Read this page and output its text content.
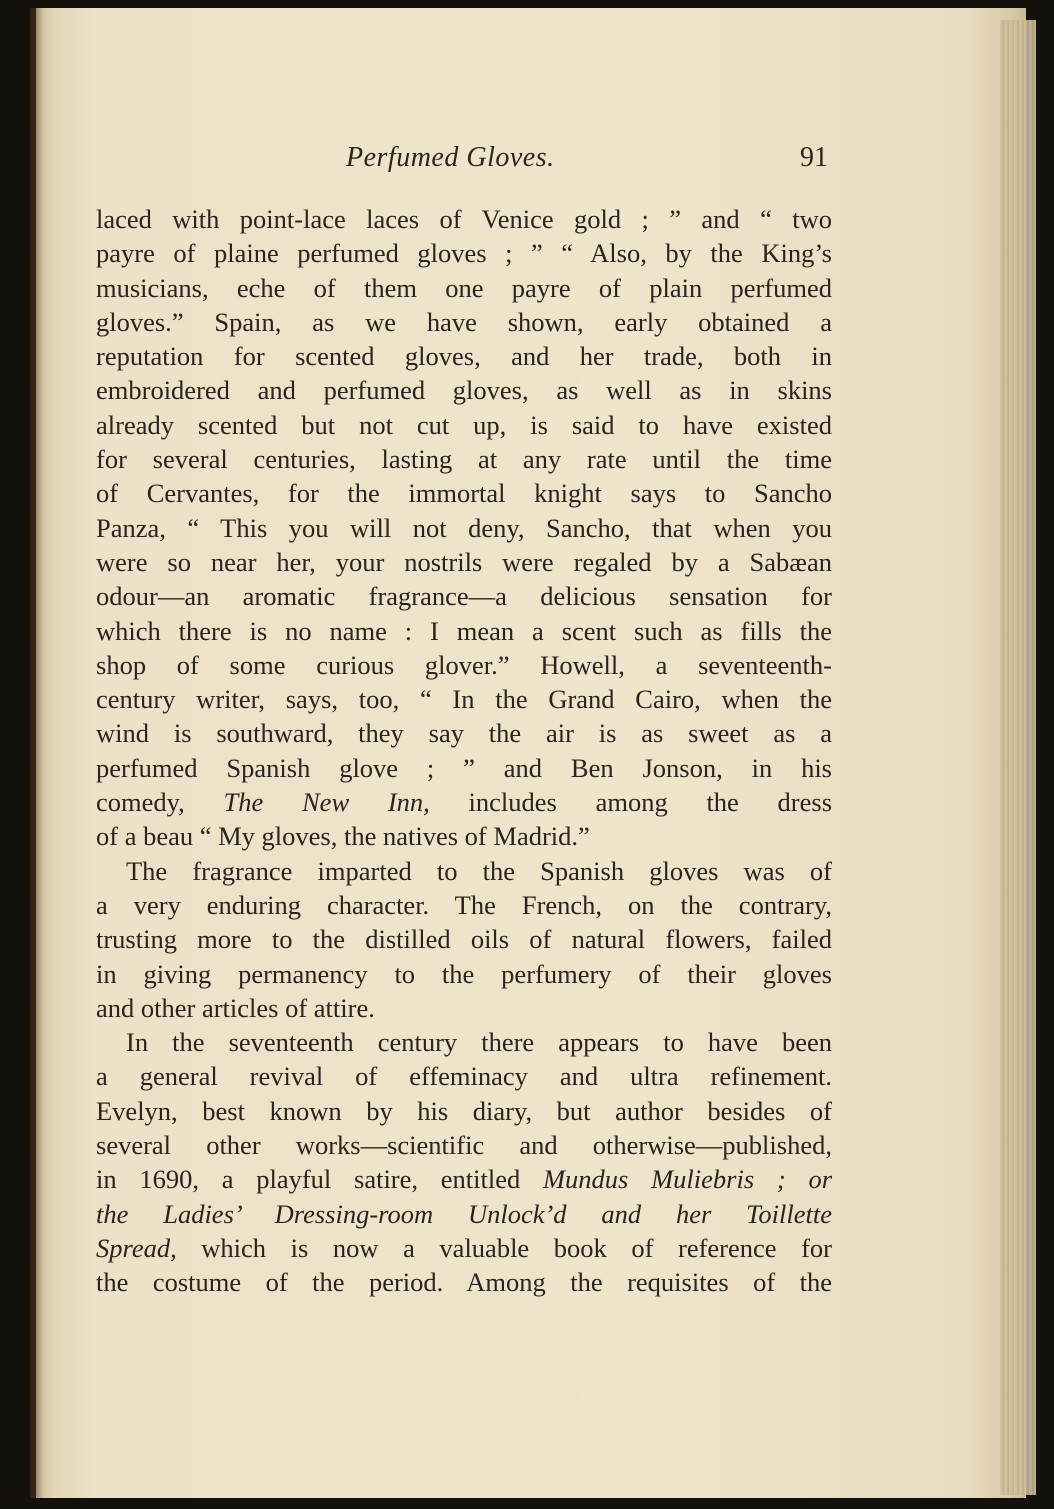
Perfumed Gloves.	91
laced with point-lace laces of Venice gold ; ” and “ two
payre of plaine perfumed gloves ; ” “ Also, by the King’s
musicians, eche of them one payre of plain perfumed
gloves.” Spain, as we have shown, early obtained a
reputation for scented gloves, and her trade, both in
embroidered and perfumed gloves, as well as in skins
already scented but not cut up, is said to have existed
for several centuries, lasting at any rate until the time
of Cervantes, for the immortal knight says to Sancho
Panza, “ This you will not deny, Sancho, that when you
were so near her, your nostrils were regaled by a Sabæan
odour—an aromatic fragrance—a delicious sensation for
which there is no name : I mean a scent such as fills the
shop of some curious glover.” Howell, a seventeenth-
century writer, says, too, “ In the Grand Cairo, when the
wind is southward, they say the air is as sweet as a
perfumed Spanish glove ; ” and Ben Jonson, in his
comedy, The New Inn, includes among the dress
of a beau “ My gloves, the natives of Madrid.”
The fragrance imparted to the Spanish gloves was of
a very enduring character. The French, on the contrary,
trusting more to the distilled oils of natural flowers, failed
in giving permanency to the perfumery of their gloves
and other articles of attire.
In the seventeenth century there appears to have been
a general revival of effeminacy and ultra refinement.
Evelyn, best known by his diary, but author besides of
several other works—scientific and otherwise—published,
in 1690, a playful satire, entitled Mundus Muliebris ; or
the Ladies’ Dressing-room Unlock’d and her Toillette
Spread, which is now a valuable book of reference for
the costume of the period. Among the requisites of the
